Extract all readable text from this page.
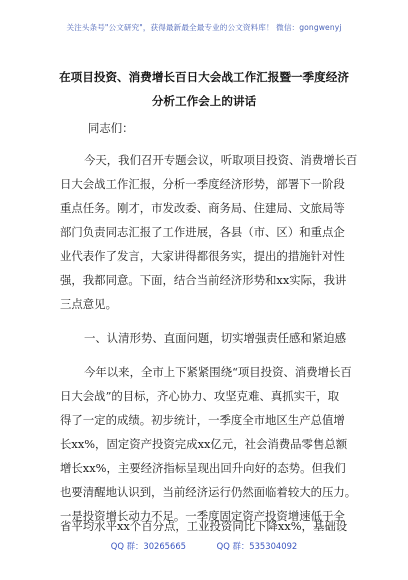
关注头条号"公文研究"，获得最新最全最专业的公文资料库！ 微信：gongwenyj
在项目投资、消费增长百日大会战工作汇报暨一季度经济
分析工作会上的讲话
同志们：
今天，我们召开专题会议，听取项目投资、消费增长百
日大会战工作汇报，分析一季度经济形势，部署下一阶段
重点任务。刚才，市发改委、商务局、住建局、文旅局等
部门负责同志汇报了工作进展，各县（市、区）和重点企
业代表作了发言，大家讲得都很务实，提出的措施针对性
强，我都同意。下面，结合当前经济形势和xx实际，我讲
三点意见。
一、认清形势、直面问题，切实增强责任感和紧迫感
今年以来，全市上下紧紧围绕“项目投资、消费增长百
日大会战”的目标，齐心协力、攻坚克难、真抓实干，取
得了一定的成绩。初步统计，一季度全市地区生产总值增
长xx%，固定资产投资完成xx亿元，社会消费品零售总额
增长xx%，主要经济指标呈现出回升向好的态势。但我们
也要清醒地认识到，当前经济运行仍然面临着较大的压力。
一是投资增长动力不足。一季度固定资产投资增速低于全
QQ 群：30265665	QQ 群：535304092
省平均水平xx个百分点，工业投资同比下降xx%，基础设
